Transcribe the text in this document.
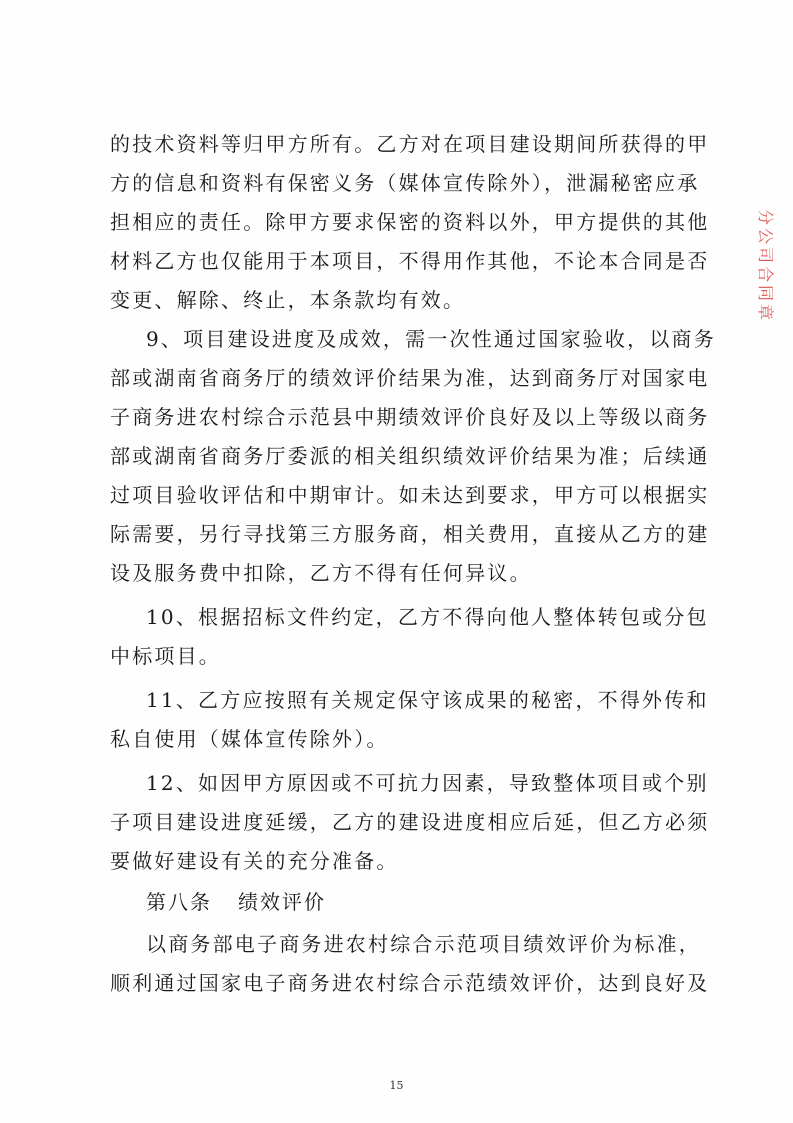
的技术资料等归甲方所有。乙方对在项目建设期间所获得的甲
方的信息和资料有保密义务（媒体宣传除外），泄漏秘密应承
担相应的责任。除甲方要求保密的资料以外，甲方提供的其他
材料乙方也仅能用于本项目，不得用作其他，不论本合同是否
变更、解除、终止，本条款均有效。
9、项目建设进度及成效，需一次性通过国家验收，以商务
部或湖南省商务厅的绩效评价结果为准，达到商务厅对国家电
子商务进农村综合示范县中期绩效评价良好及以上等级以商务
部或湖南省商务厅委派的相关组织绩效评价结果为准；后续通
过项目验收评估和中期审计。如未达到要求，甲方可以根据实
际需要，另行寻找第三方服务商，相关费用，直接从乙方的建
设及服务费中扣除，乙方不得有任何异议。
10、根据招标文件约定，乙方不得向他人整体转包或分包
中标项目。
11、乙方应按照有关规定保守该成果的秘密，不得外传和
私自使用（媒体宣传除外）。
12、如因甲方原因或不可抗力因素，导致整体项目或个别
子项目建设进度延缓，乙方的建设进度相应后延，但乙方必须
要做好建设有关的充分准备。
第八条 绩效评价
以商务部电子商务进农村综合示范项目绩效评价为标准，
顺利通过国家电子商务进农村综合示范绩效评价，达到良好及
15
分公司合同章
